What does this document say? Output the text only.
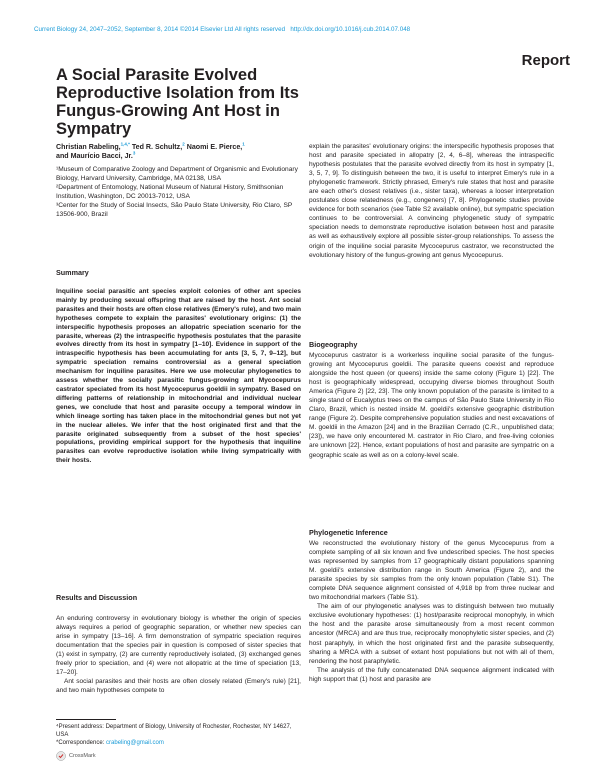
Current Biology 24, 2047–2052, September 8, 2014 ©2014 Elsevier Ltd All rights reserved http://dx.doi.org/10.1016/j.cub.2014.07.048
Report
A Social Parasite Evolved Reproductive Isolation from Its Fungus-Growing Ant Host in Sympatry
Christian Rabeling,$^{1,4,*}$ Ted R. Schultz,$^2$ Naomi E. Pierce,$^1$
and Maurício Bacci, Jr.$^3$

¹Museum of Comparative Zoology and Department of Organismic and Evolutionary Biology, Harvard University, Cambridge, MA 02138, USA

²Department of Entomology, National Museum of Natural History, Smithsonian Institution, Washington, DC 20013-7012, USA

³Center for the Study of Social Insects, São Paulo State University, Rio Claro, SP 13506-900, Brazil

Summary

Inquiline social parasitic ant species exploit colonies of other ant species mainly by producing sexual offspring that are raised by the host. Ant social parasites and their hosts are often close relatives (Emery's rule), and two main hypotheses compete to explain the parasites' evolutionary origins: (1) the interspecific hypothesis proposes an allopatric speciation scenario for the parasite, whereas (2) the intraspecific hypothesis postulates that the parasite evolves directly from its host in sympatry [1–10]. Evidence in support of the intraspecific hypothesis has been accumulating for ants [3, 5, 7, 9–12], but sympatric speciation remains controversial as a general speciation mechanism for inquiline parasites. Here we use molecular phylogenetics to assess whether the socially parasitic fungus-growing ant Mycocepurus castrator speciated from its host Mycocepurus goeldii in sympatry. Based on differing patterns of relationship in mitochondrial and individual nuclear genes, we conclude that host and parasite occupy a temporal window in which lineage sorting has taken place in the mitochondrial genes but not yet in the nuclear alleles. We infer that the host originated first and that the parasite originated subsequently from a subset of the host species' populations, providing empirical support for the hypothesis that inquiline parasites can evolve reproductive isolation while living sympatrically with their hosts.

Results and Discussion

An enduring controversy in evolutionary biology is whether the origin of species always requires a period of geographic separation, or whether new species can arise in sympatry [13–16]. A firm demonstration of sympatric speciation requires documentation that the species pair in question is composed of sister species that (1) exist in sympatry, (2) are currently reproductively isolated, (3) exchanged genes freely prior to speciation, and (4) were not allopatric at the time of speciation [13, 17–20].

Ant social parasites and their hosts are often closely related (Emery's rule) [21], and two main hypotheses compete to

⁴Present address: Department of Biology, University of Rochester, Rochester, NY 14627, USA
*Correspondence: crabeling@gmail.com
CrossMark

explain the parasites' evolutionary origins: the interspecific hypothesis proposes that host and parasite speciated in allopatry [2, 4, 6–8], whereas the intraspecific hypothesis postulates that the parasite evolved directly from its host in sympatry [1, 3, 5, 7, 9]. To distinguish between the two, it is useful to interpret Emery's rule in a phylogenetic framework. Strictly phrased, Emery's rule states that host and parasite are each other's closest relatives (i.e., sister taxa), whereas a looser interpretation postulates close relatedness (e.g., congeners) [7, 8]. Phylogenetic studies provide evidence for both scenarios (see Table S2 available online), but sympatric speciation continues to be controversial. A convincing phylogenetic study of sympatric speciation needs to demonstrate reproductive isolation between host and parasite as well as exhaustively explore all possible sister-group relationships. To assess the origin of the inquiline social parasite Mycocepurus castrator, we reconstructed the evolutionary history of the fungus-growing ant genus Mycocepurus.

Biogeography

Mycocepurus castrator is a workerless inquiline social parasite of the fungus-growing ant Mycocepurus goeldii. The parasite queens coexist and reproduce alongside the host queen (or queens) inside the same colony (Figure 1) [22]. The host is geographically widespread, occupying diverse biomes throughout South America (Figure 2) [22, 23]. The only known population of the parasite is limited to a single stand of Eucalyptus trees on the campus of São Paulo State University in Rio Claro, Brazil, which is nested inside M. goeldii's extensive geographic distribution range (Figure 2). Despite comprehensive population studies and nest excavations of M. goeldii in the Amazon [24] and in the Brazilian Cerrado (C.R., unpublished data; [23]), we have only encountered M. castrator in Rio Claro, and free-living colonies are unknown [22]. Hence, extant populations of host and parasite are sympatric on a geographic scale as well as on a colony-level scale.

Phylogenetic Inference

We reconstructed the evolutionary history of the genus Mycocepurus from a complete sampling of all six known and five undescribed species. The host species was represented by samples from 17 geographically distant populations spanning M. goeldii's extensive distribution range in South America (Figure 2), and the parasite species by six samples from the only known population (Table S1). The complete DNA sequence alignment consisted of 4,918 bp from three nuclear and two mitochondrial markers (Table S1).

The aim of our phylogenetic analyses was to distinguish between two mutually exclusive evolutionary hypotheses: (1) host/parasite reciprocal monophyly, in which the host and the parasite arose simultaneously from a most recent common ancestor (MRCA) and are thus true, reciprocally monophyletic sister species, and (2) host paraphyly, in which the host originated first and the parasite subsequently, sharing a MRCA with a subset of extant host populations but not with all of them, rendering the host paraphyletic.

The analysis of the fully concatenated DNA sequence alignment indicated with high support that (1) host and parasite are
